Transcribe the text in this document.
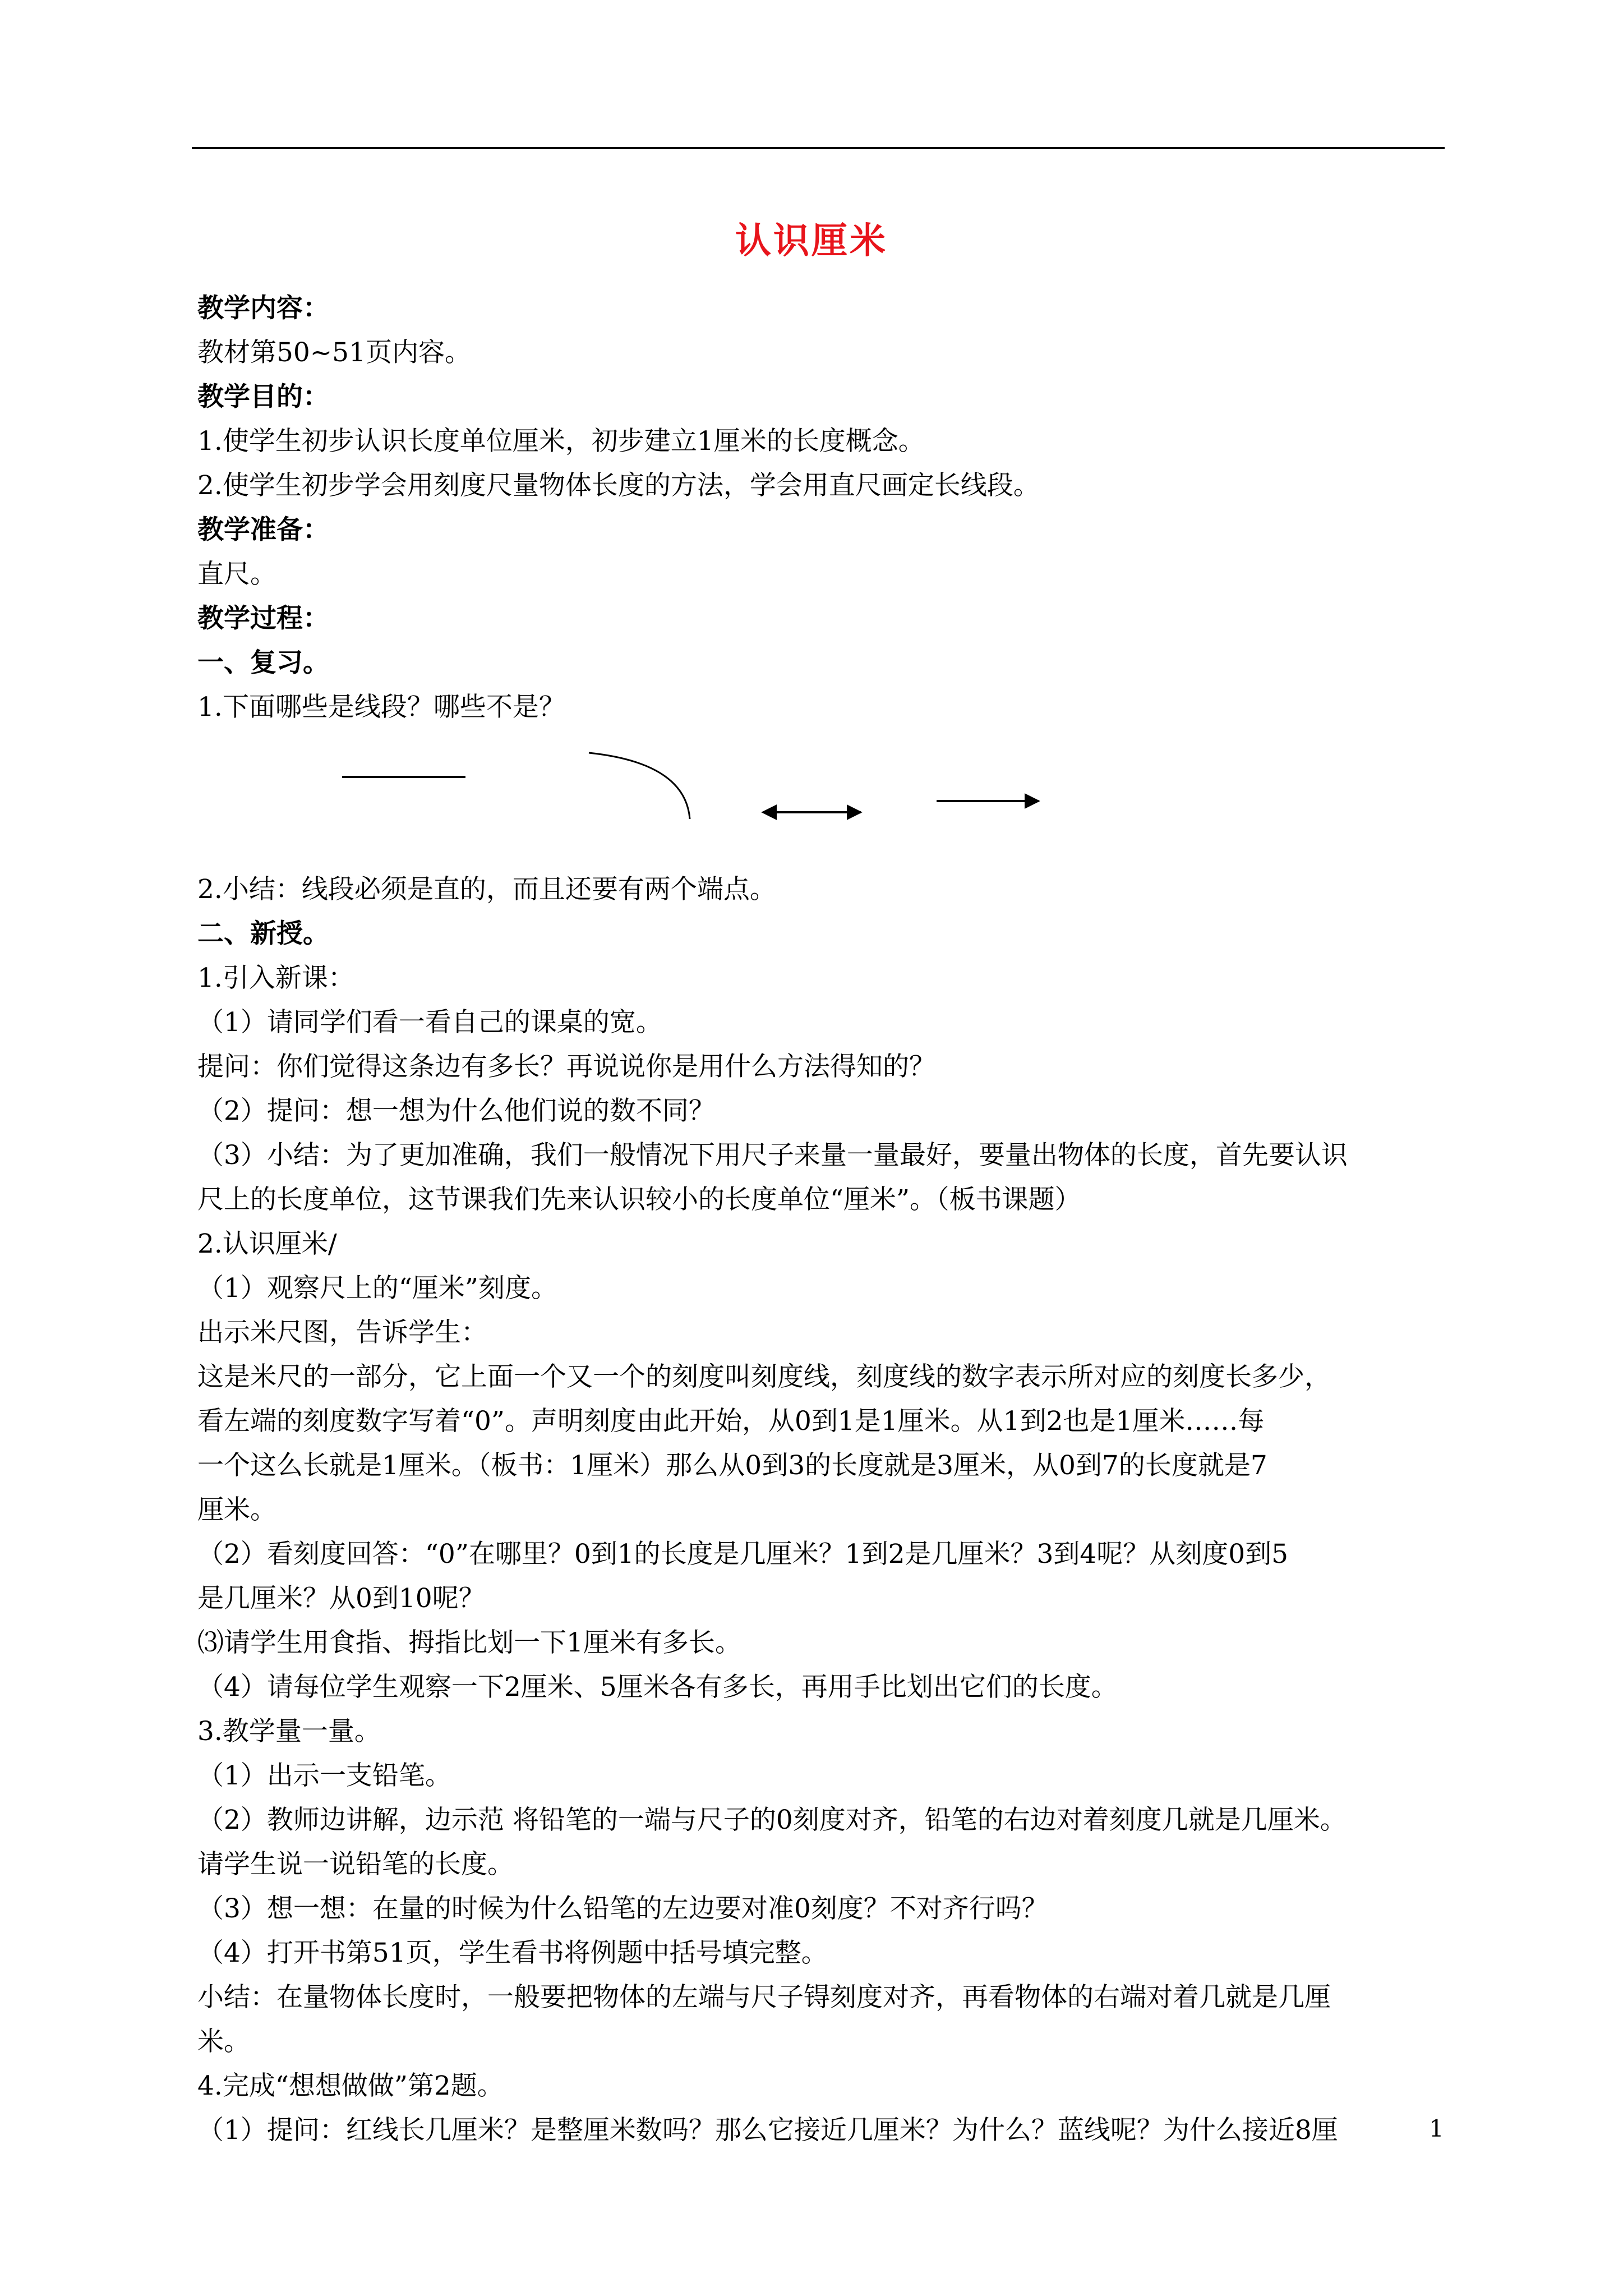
认识厘米

教学内容：

教材第50~51页内容。

教学目的：

1.使学生初步认识长度单位厘米，初步建立1厘米的长度概念。

2.使学生初步学会用刻度尺量物体长度的方法，学会用直尺画定长线段。

教学准备：

直尺。

教学过程：

一、复习。

1.下面哪些是线段？哪些不是？

2.小结：线段必须是直的，而且还要有两个端点。

二、新授。

1.引入新课：

（1）请同学们看一看自己的课桌的宽。

提问：你们觉得这条边有多长？再说说你是用什么方法得知的？

（2）提问：想一想为什么他们说的数不同？

（3）小结：为了更加准确，我们一般情况下用尺子来量一量最好，要量出物体的长度，首先要认识

尺上的长度单位，这节课我们先来认识较小的长度单位“厘米”。（板书课题）

2.认识厘米/

（1）观察尺上的“厘米”刻度。

出示米尺图，告诉学生：

这是米尺的一部分，它上面一个又一个的刻度叫刻度线，刻度线的数字表示所对应的刻度长多少，

看左端的刻度数字写着“0”。声明刻度由此开始，从0到1是1厘米。从1到2也是1厘米……每

一个这么长就是1厘米。（板书：1厘米）那么从0到3的长度就是3厘米，从0到7的长度就是7

厘米。

（2）看刻度回答：“0”在哪里？0到1的长度是几厘米？1到2是几厘米？3到4呢？从刻度0到5

是几厘米？从0到10呢？

⑶请学生用食指、拇指比划一下1厘米有多长。

（4）请每位学生观察一下2厘米、5厘米各有多长，再用手比划出它们的长度。

3.教学量一量。

（1）出示一支铅笔。

（2）教师边讲解，边示范 将铅笔的一端与尺子的0刻度对齐，铅笔的右边对着刻度几就是几厘米。

请学生说一说铅笔的长度。

（3）想一想：在量的时候为什么铅笔的左边要对准0刻度？不对齐行吗？

（4）打开书第51页，学生看书将例题中括号填完整。

小结：在量物体长度时，一般要把物体的左端与尺子锝刻度对齐，再看物体的右端对着几就是几厘

米。

4.完成“想想做做”第2题。

（1）提问：红线长几厘米？是整厘米数吗？那么它接近几厘米？为什么？蓝线呢？为什么接近8厘	1
